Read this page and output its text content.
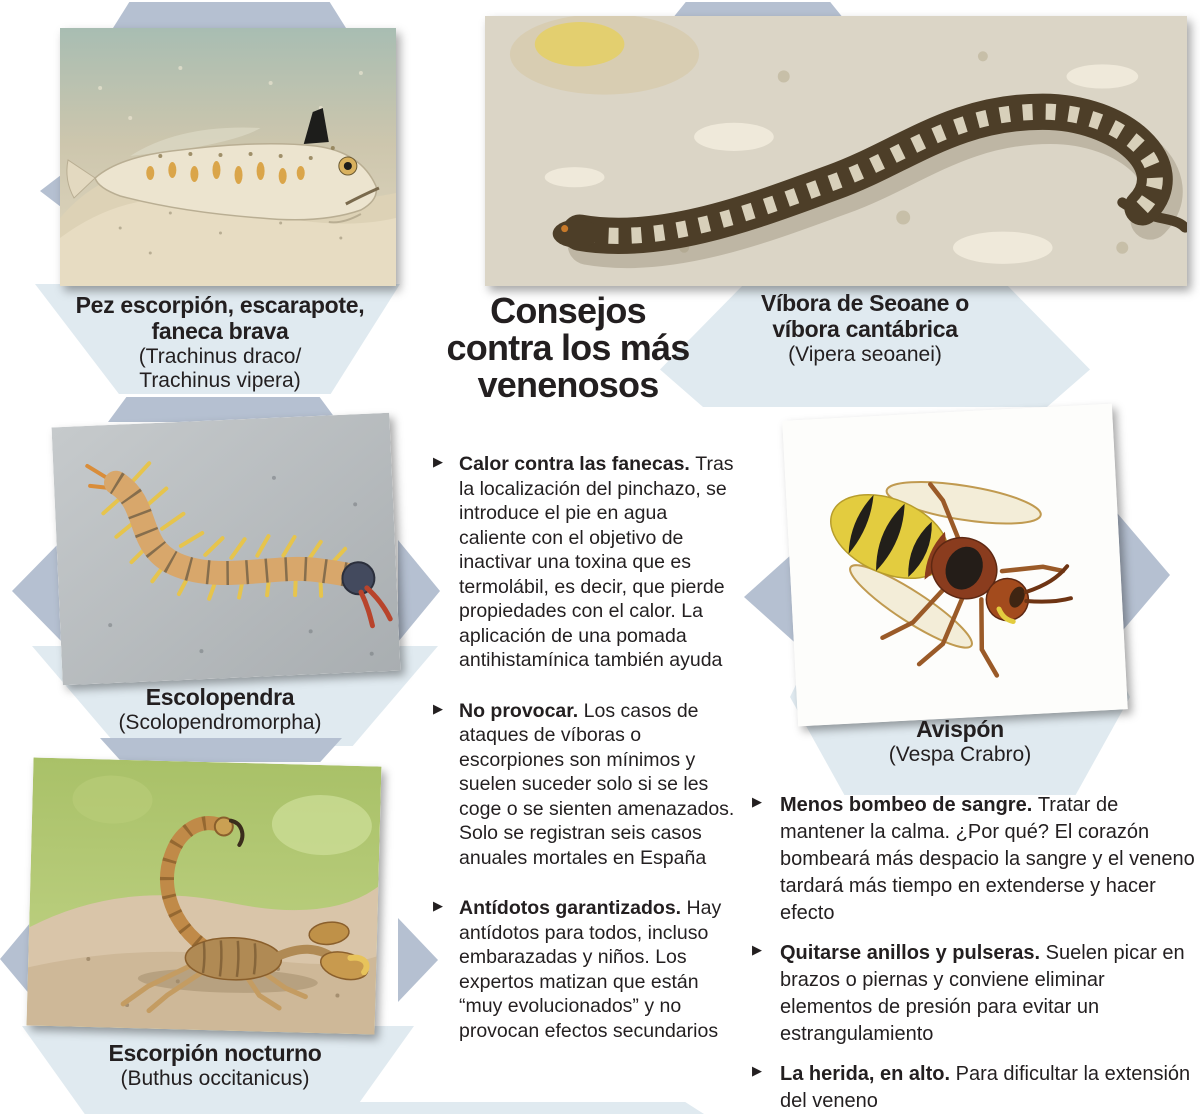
Pez escorpión, escarapote, faneca brava
(Trachinus draco/ Trachinus vipera)
Víbora de Seoane o víbora cantábrica
(Vipera seoanei)
Escolopendra
(Scolopendromorpha)
Escorpión nocturno
(Buthus occitanicus)
Avispón
(Vespa Crabro)
Consejos
contra los más
venenosos
▶ Calor contra las fanecas. Tras la localización del pinchazo, se introduce el pie en agua caliente con el objetivo de inactivar una toxina que es termolábil, es decir, que pierde propiedades con el calor. La aplicación de una pomada antihistamínica también ayuda
▶ No provocar. Los casos de ataques de víboras o escorpiones son mínimos y suelen suceder solo si se les coge o se sienten amenazados. Solo se registran seis casos anuales mortales en España
▶ Antídotos garantizados. Hay antídotos para todos, incluso embarazadas y niños. Los expertos matizan que están “muy evolucionados” y no provocan efectos secundarios
▶ Menos bombeo de sangre. Tratar de mantener la calma. ¿Por qué? El corazón bombeará más despacio la sangre y el veneno tardará más tiempo en extenderse y hacer efecto
▶ Quitarse anillos y pulseras. Suelen picar en brazos o piernas y conviene eliminar elementos de presión para evitar un estrangulamiento
▶ La herida, en alto. Para dificultar la extensión del veneno
